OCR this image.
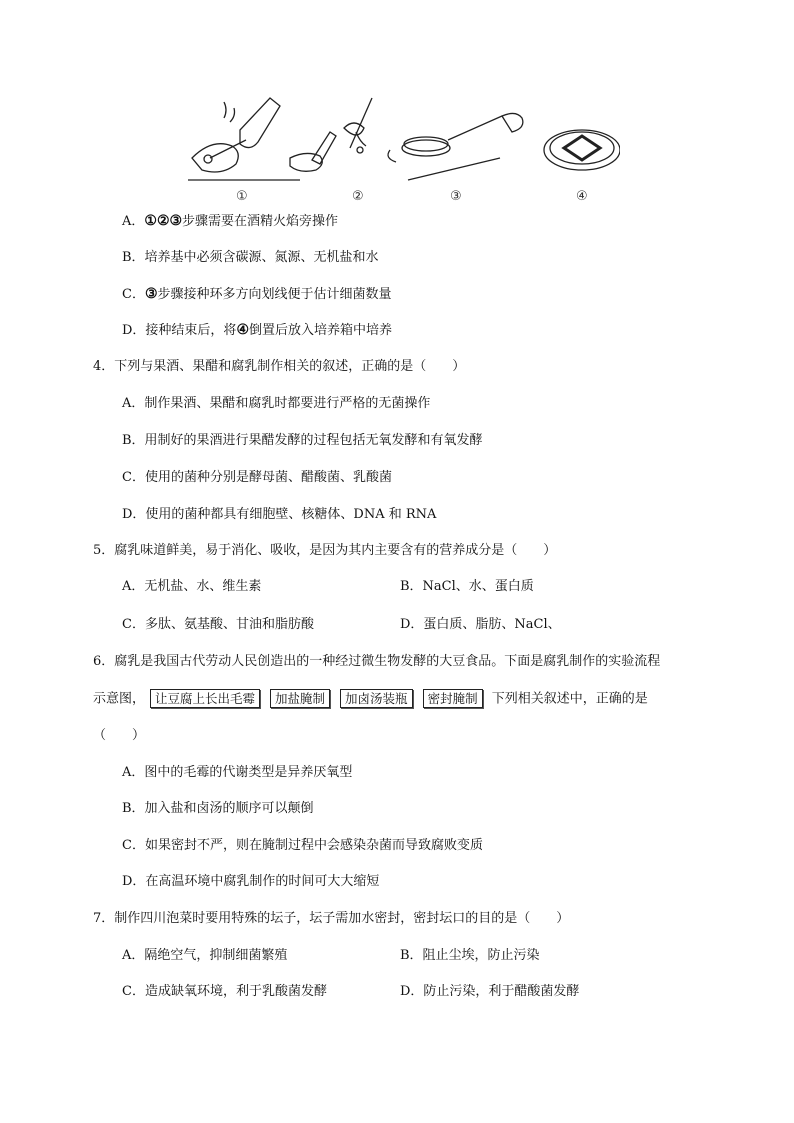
①	②	③	④
A．①②③步骤需要在酒精火焰旁操作
B．培养基中必须含碳源、氮源、无机盐和水
C．③步骤接种环多方向划线便于估计细菌数量
D．接种结束后，将④倒置后放入培养箱中培养
4．下列与果酒、果醋和腐乳制作相关的叙述，正确的是（　　）
A．制作果酒、果醋和腐乳时都要进行严格的无菌操作
B．用制好的果酒进行果醋发酵的过程包括无氧发酵和有氧发酵
C．使用的菌种分别是酵母菌、醋酸菌、乳酸菌
D．使用的菌种都具有细胞壁、核糖体、DNA 和 RNA
5．腐乳味道鲜美，易于消化、吸收，是因为其内主要含有的营养成分是（　　）
A．无机盐、水、维生素	B．NaCl、水、蛋白质
C．多肽、氨基酸、甘油和脂肪酸	D．蛋白质、脂肪、NaCl、
6．腐乳是我国古代劳动人民创造出的一种经过微生物发酵的大豆食品。下面是腐乳制作的实验流程
示意图， 让豆腐上长出毛霉 加盐腌制 加卤汤装瓶 密封腌制 下列相关叙述中，正确的是
（　　）
A．图中的毛霉的代谢类型是异养厌氧型
B．加入盐和卤汤的顺序可以颠倒
C．如果密封不严，则在腌制过程中会感染杂菌而导致腐败变质
D．在高温环境中腐乳制作的时间可大大缩短
7．制作四川泡菜时要用特殊的坛子，坛子需加水密封，密封坛口的目的是（　　）
A．隔绝空气，抑制细菌繁殖	B．阻止尘埃，防止污染
C．造成缺氧环境，利于乳酸菌发酵	D．防止污染，利于醋酸菌发酵
